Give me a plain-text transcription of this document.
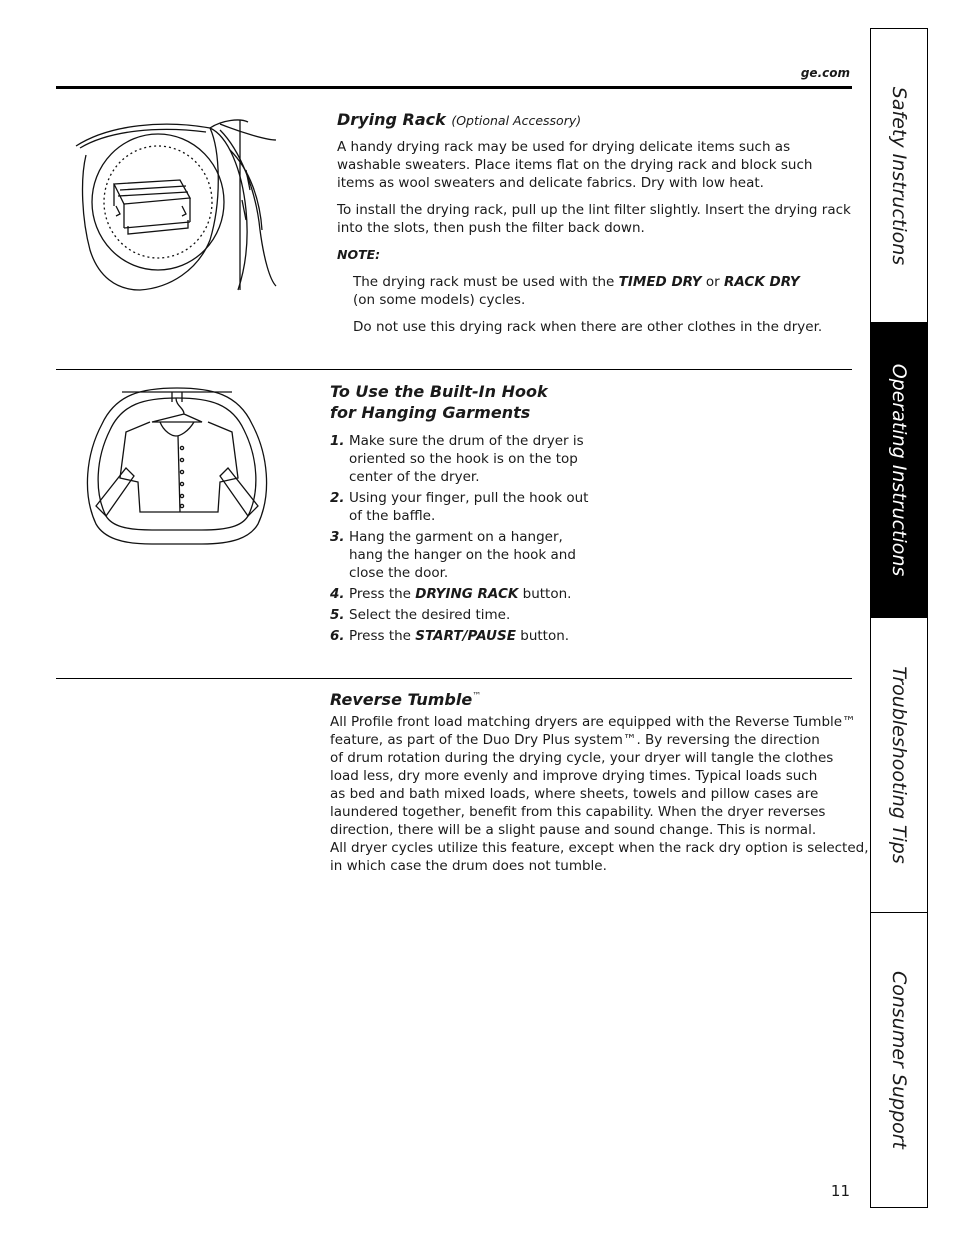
ge.com
Drying Rack (Optional Accessory)

A handy drying rack may be used for drying delicate items such as washable sweaters. Place items flat on the drying rack and block such items as wool sweaters and delicate fabrics. Dry with low heat.

To install the drying rack, pull up the lint filter slightly. Insert the drying rack into the slots, then push the filter back down.

NOTE:

The drying rack must be used with the TIMED DRY or RACK DRY
(on some models) cycles.

Do not use this drying rack when there are other clothes in the dryer.

To Use the Built-In Hook
for Hanging Garments
1. Make sure the drum of the dryer is oriented so the hook is on the top center of the dryer.
2. Using your finger, pull the hook out of the baffle.
3. Hang the garment on a hanger, hang the hanger on the hook and close the door.
4. Press the DRYING RACK button.
5. Select the desired time.
6. Press the START/PAUSE button.
Reverse Tumble™
All Profile front load matching dryers are equipped with the Reverse Tumble™
feature, as part of the Duo Dry Plus system™. By reversing the direction
of drum rotation during the drying cycle, your dryer will tangle the clothes
load less, dry more evenly and improve drying times. Typical loads such
as bed and bath mixed loads, where sheets, towels and pillow cases are
laundered together, benefit from this capability. When the dryer reverses
direction, there will be a slight pause and sound change. This is normal.
All dryer cycles utilize this feature, except when the rack dry option is selected,
in which case the drum does not tumble.
Safety Instructions
Operating Instructions
Troubleshooting Tips
Consumer Support
11
